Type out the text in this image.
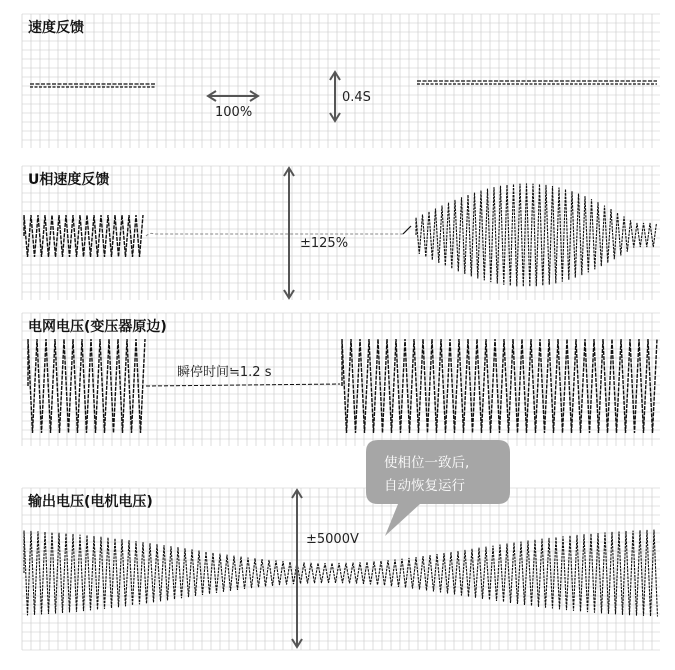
速度反馈
100%
0.4S
U相速度反馈
±125%
电网电压(变压器原边)
瞬停时间≒1.2 s
输出电压(电机电压)
±5000V
使相位一致后,
自动恢复运行
